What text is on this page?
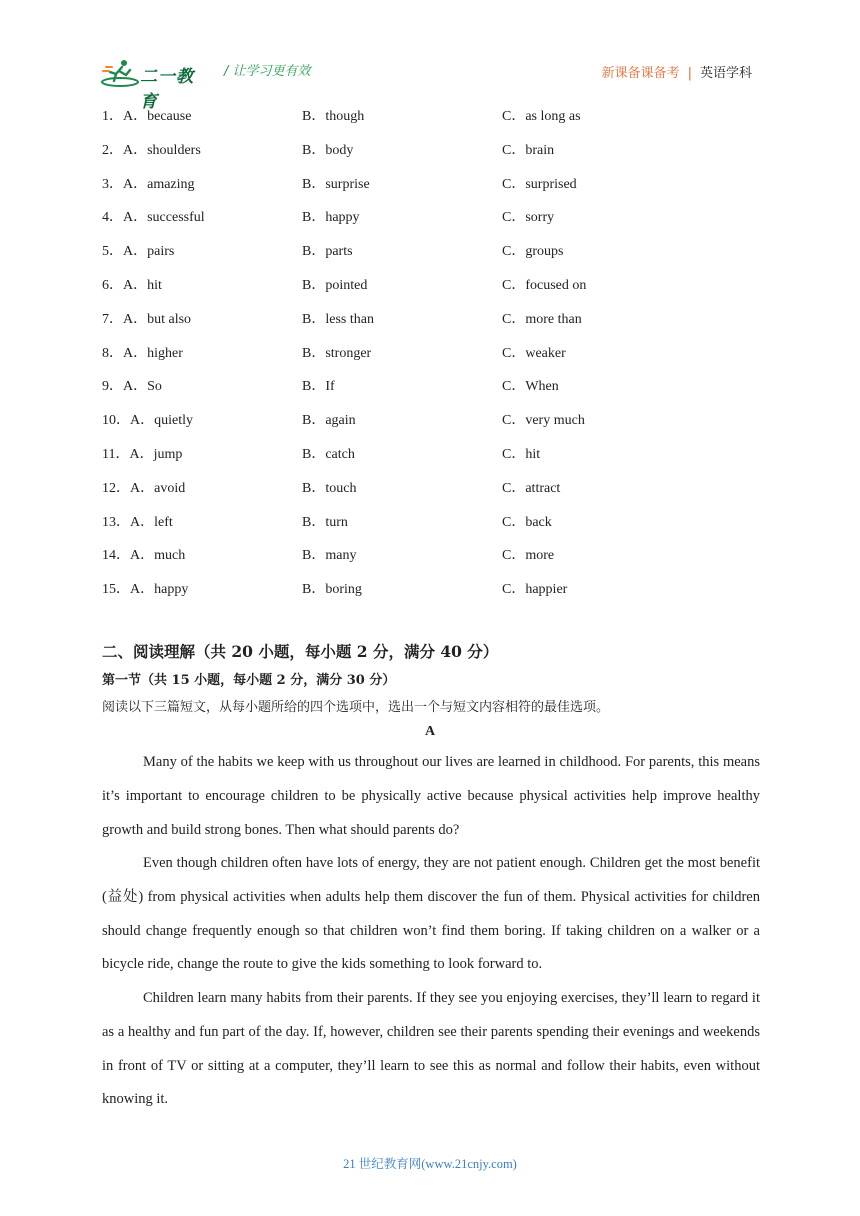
二一教育
/ 让学习更有效	新课备课备考 | 英语学科
1．A．because	B．though	C．as long as
2．A．shoulders	B．body	C．brain
3．A．amazing	B．surprise	C．surprised
4．A．successful	B．happy	C．sorry
5．A．pairs	B．parts	C．groups
6．A．hit	B．pointed	C．focused on
7．A．but also	B．less than	C．more than
8．A．higher	B．stronger	C．weaker
9．A．So	B．If	C．When
10．A．quietly	B．again	C．very much
11．A．jump	B．catch	C．hit
12．A．avoid	B．touch	C．attract
13．A．left	B．turn	C．back
14．A．much	B．many	C．more
15．A．happy	B．boring	C．happier
二、阅读理解（共 20 小题，每小题 2 分，满分 40 分）
第一节（共 15 小题，每小题 2 分，满分 30 分）
阅读以下三篇短文，从每小题所给的四个选项中，选出一个与短文内容相符的最佳选项。
A

Many of the habits we keep with us throughout our lives are learned in childhood. For parents, this means it’s important to encourage children to be physically active because physical activities help improve healthy growth and build strong bones. Then what should parents do?

Even though children often have lots of energy, they are not patient enough. Children get the most benefit (益处) from physical activities when adults help them discover the fun of them. Physical activities for children should change frequently enough so that children won’t find them boring. If taking children on a walker or a bicycle ride, change the route to give the kids something to look forward to.

Children learn many habits from their parents. If they see you enjoying exercises, they’ll learn to regard it as a healthy and fun part of the day. If, however, children see their parents spending their evenings and weekends in front of TV or sitting at a computer, they’ll learn to see this as normal and follow their habits, even without knowing it.

21 世纪教育网(www.21cnjy.com)
